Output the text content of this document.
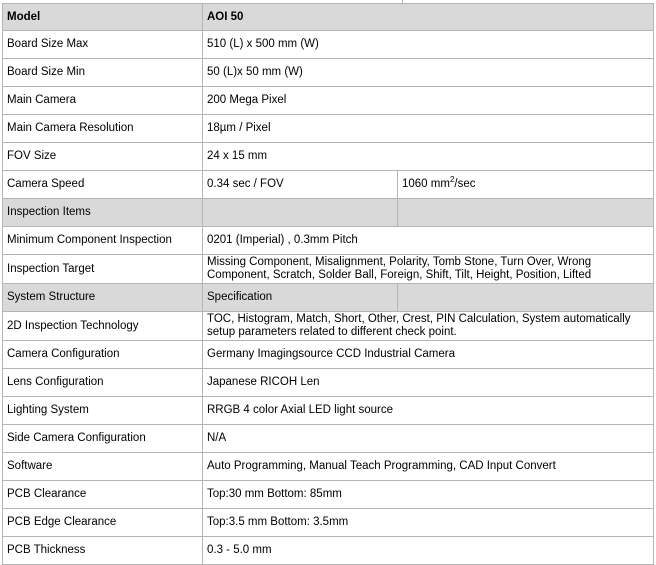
Model	AOI 50	
Board Size Max	510 (L) x 500 mm (W)	
Board Size Min	50 (L)x 50 mm (W)	
Main Camera	200 Mega Pixel	
Main Camera Resolution	18µm / Pixel	
FOV Size	24 x 15 mm	
Camera Speed	0.34 sec / FOV	1060 $mm^2/\sec$
Inspection Items		
Minimum Component Inspection	0201 (Imperial) , 0.3mm Pitch	
Inspection Target	Missing Component, Misalignment, Polarity, Tomb Stone, Turn Over, Wrong Component, Scratch, Solder Ball, Foreign, Shift, Tilt, Height, Position, Lifted	
System Structure	Specification	
2D Inspection Technology	TOC, Histogram, Match, Short, Other, Crest, PIN Calculation, System automatically setup parameters related to different check point.	
Camera Configuration	Germany Imagingsource CCD Industrial Camera	
Lens Configuration	Japanese RICOH Len	
Lighting System	RRGB 4 color Axial LED light source	
Side Camera Configuration	N/A	
Software	Auto Programming, Manual Teach Programming, CAD Input Convert	
PCB Clearance	Top:30 mm Bottom: 85mm	
PCB Edge Clearance	Top:3.5 mm Bottom: 3.5mm	
PCB Thickness	0.3 - 5.0 mm	
